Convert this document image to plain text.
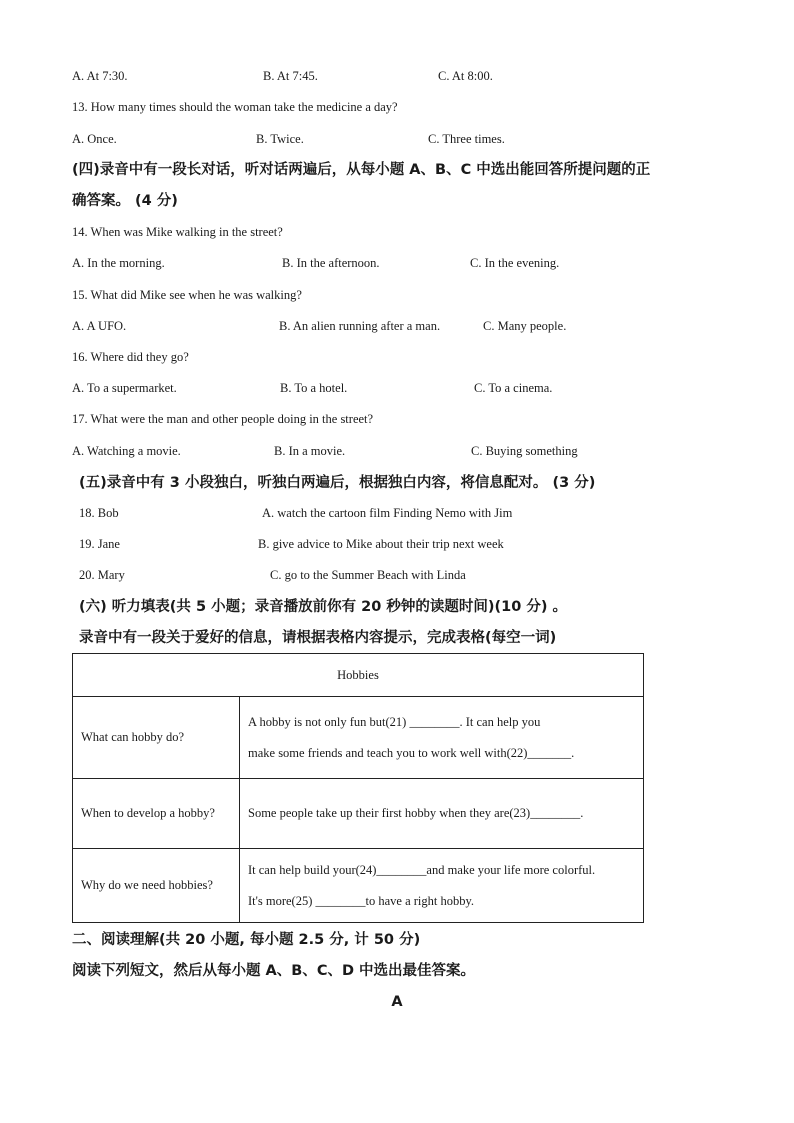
A. At 7:30.	B. At 7:45.	C. At 8:00.
13. How many times should the woman take the medicine a day?
A. Once.	B. Twice.	C. Three times.
(四)录音中有一段长对话，听对话两遍后，从每小题 A、B、C 中选出能回答所提问题的正
确答案。 (4 分)
14. When was Mike walking in the street?
A. In the morning.	B. In the afternoon.	C. In the evening.
15. What did Mike see when he was walking?
A. A UFO.	B. An alien running after a man.	C. Many people.
16. Where did they go?
A. To a supermarket.	B. To a hotel.	C. To a cinema.
17. What were the man and other people doing in the street?
A. Watching a movie.	B. In a movie.	C. Buying something
(五)录音中有 3 小段独白，听独白两遍后，根据独白内容，将信息配对。 (3 分)
18. Bob	A. watch the cartoon film Finding Nemo with Jim
19. Jane	B. give advice to Mike about their trip next week
20. Mary	C. go to the Summer Beach with Linda
(六) 听力填表(共 5 小题；录音播放前你有 20 秒钟的读题时间)(10 分) 。
录音中有一段关于爱好的信息，请根据表格内容提示，完成表格(每空一词)
Hobbies	
What can hobby do?	A hobby is not only fun but(21) ________. It can help you
make some friends and teach you to work well with(22)_______.

When to develop a hobby?	Some people take up their first hobby when they are(23)________.

Why do we need hobbies?	It can help build your(24)________and make your life more colorful.
It's more(25) ________to have a right hobby.
二、阅读理解(共 20 小题, 每小题 2.5 分, 计 50 分)
阅读下列短文，然后从每小题 A、B、C、D 中选出最佳答案。
A
